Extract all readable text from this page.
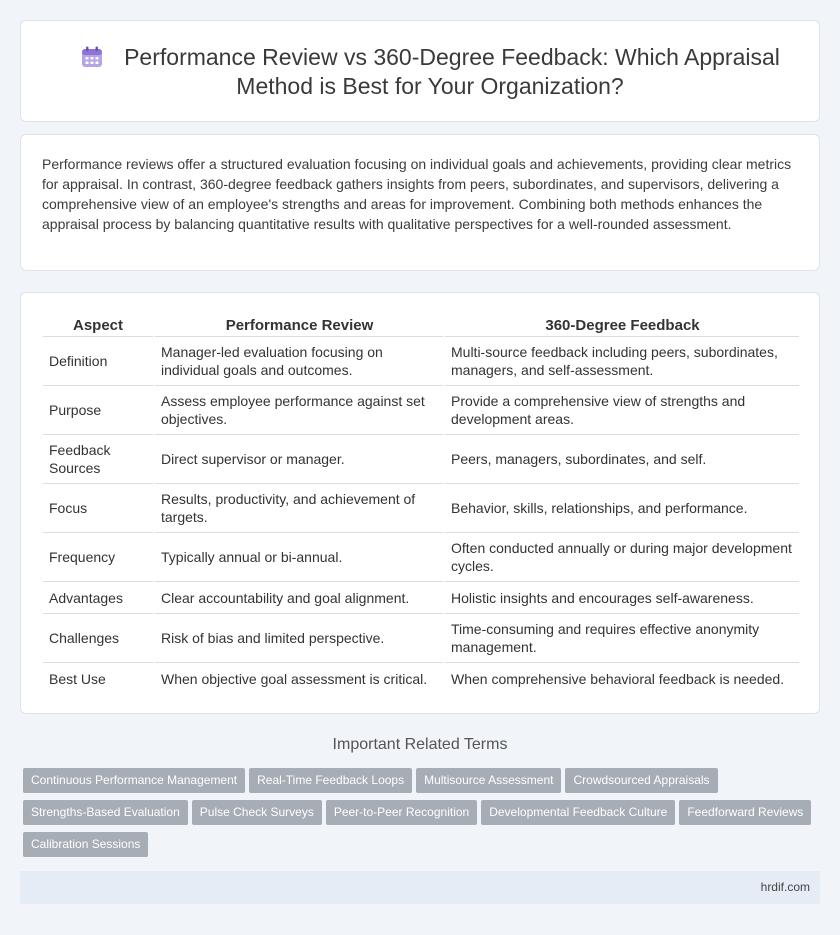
Performance Review vs 360-Degree Feedback: Which Appraisal Method is Best for Your Organization?

Performance reviews offer a structured evaluation focusing on individual goals and achievements, providing clear metrics for appraisal. In contrast, 360-degree feedback gathers insights from peers, subordinates, and supervisors, delivering a comprehensive view of an employee's strengths and areas for improvement. Combining both methods enhances the appraisal process by balancing quantitative results with qualitative perspectives for a well-rounded assessment.

Aspect	Performance Review	360-Degree Feedback
Definition	Manager-led evaluation focusing on individual goals and outcomes.	Multi-source feedback including peers, subordinates, managers, and self-assessment.
Purpose	Assess employee performance against set objectives.	Provide a comprehensive view of strengths and development areas.
Feedback Sources	Direct supervisor or manager.	Peers, managers, subordinates, and self.
Focus	Results, productivity, and achievement of targets.	Behavior, skills, relationships, and performance.
Frequency	Typically annual or bi-annual.	Often conducted annually or during major development cycles.
Advantages	Clear accountability and goal alignment.	Holistic insights and encourages self-awareness.
Challenges	Risk of bias and limited perspective.	Time-consuming and requires effective anonymity management.
Best Use	When objective goal assessment is critical.	When comprehensive behavioral feedback is needed.
Important Related Terms
Continuous Performance Management Real-Time Feedback Loops Multisource Assessment Crowdsourced Appraisals
Strengths-Based Evaluation Pulse Check Surveys Peer-to-Peer Recognition Developmental Feedback Culture Feedforward Reviews
Calibration Sessions
hrdif.com
